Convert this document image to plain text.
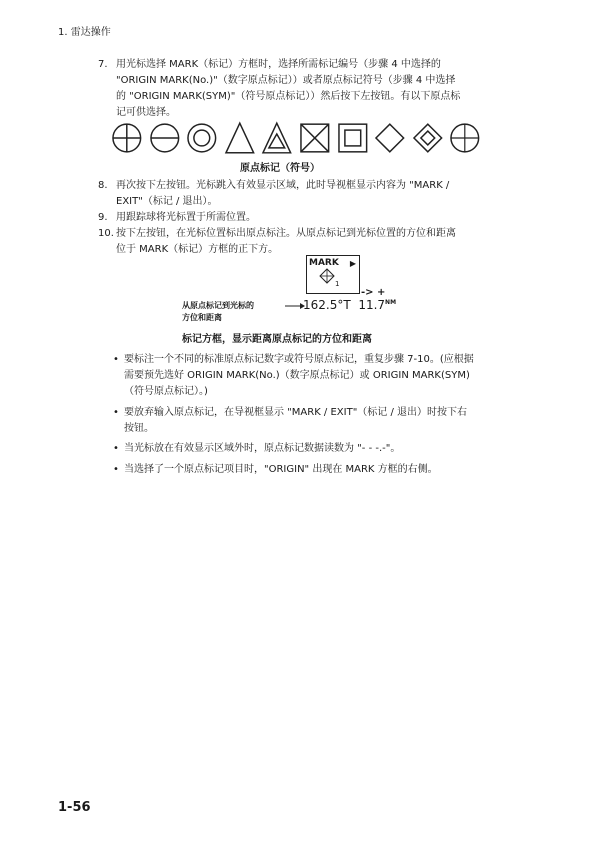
1. 雷达操作
7. 用光标选择 MARK（标记）方框时，选择所需标记编号（步骤 4 中选择的
"ORIGIN MARK(No.)"（数字原点标记））或者原点标记符号（步骤 4 中选择
的 "ORIGIN MARK(SYM)"（符号原点标记））然后按下左按钮。有以下原点标
记可供选择。
原点标记（符号）
8. 再次按下左按钮。光标跳入有效显示区域，此时导视框显示内容为 "MARK /
EXIT"（标记 / 退出）。
9. 用跟踪球将光标置于所需位置。
10. 按下左按钮，在光标位置标出原点标注。从原点标记到光标位置的方位和距离
位于 MARK（标记）方框的正下方。
MARK ▶
1
-> +
从原点标记到光标的
方位和距离
162.5°T $11.7^{NM}$
标记方框，显示距离原点标记的方位和距离
• 要标注一个不同的标准原点标记数字或符号原点标记，重复步骤 7-10。(应根据
需要预先选好 ORIGIN MARK(No.)（数字原点标记）或 ORIGIN MARK(SYM)
（符号原点标记）。)
• 要放弃输入原点标记，在导视框显示 "MARK / EXIT"（标记 / 退出）时按下右
按钮。
• 当光标放在有效显示区域外时，原点标记数据读数为 "- - -.-"。
• 当选择了一个原点标记项目时，"ORIGIN" 出现在 MARK 方框的右侧。
1-56
